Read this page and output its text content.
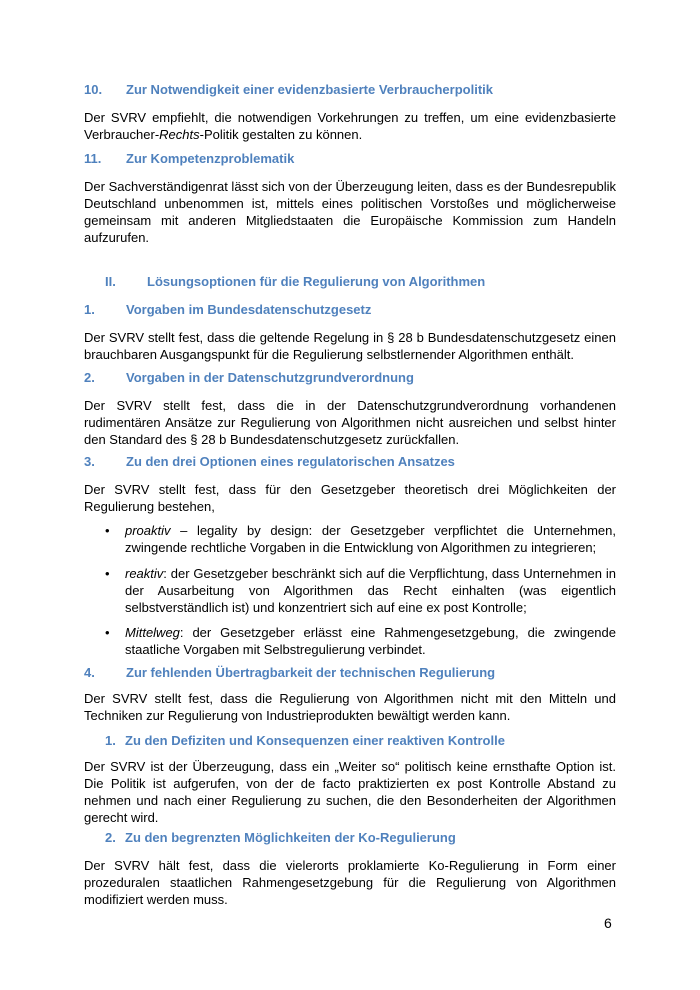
10. Zur Notwendigkeit einer evidenzbasierte Verbraucherpolitik
Der SVRV empfiehlt, die notwendigen Vorkehrungen zu treffen, um eine evidenzbasierte Verbraucher-Rechts-Politik gestalten zu können.
11. Zur Kompetenzproblematik
Der Sachverständigenrat lässt sich von der Überzeugung leiten, dass es der Bundesrepublik Deutschland unbenommen ist, mittels eines politischen Vorstoßes und möglicherweise gemeinsam mit anderen Mitgliedstaaten die Europäische Kommission zum Handeln aufzurufen.
II. Lösungsoptionen für die Regulierung von Algorithmen
1. Vorgaben im Bundesdatenschutzgesetz
Der SVRV stellt fest, dass die geltende Regelung in § 28 b Bundesdatenschutzgesetz einen brauchbaren Ausgangspunkt für die Regulierung selbstlernender Algorithmen enthält.
2. Vorgaben in der Datenschutzgrundverordnung
Der SVRV stellt fest, dass die in der Datenschutzgrundverordnung vorhandenen rudimentären Ansätze zur Regulierung von Algorithmen nicht ausreichen und selbst hinter den Standard des § 28 b Bundesdatenschutzgesetz zurückfallen.
3. Zu den drei Optionen eines regulatorischen Ansatzes
Der SVRV stellt fest, dass für den Gesetzgeber theoretisch drei Möglichkeiten der Regulierung bestehen,
• proaktiv – legality by design: der Gesetzgeber verpflichtet die Unternehmen, zwingende rechtliche Vorgaben in die Entwicklung von Algorithmen zu integrieren;
• reaktiv: der Gesetzgeber beschränkt sich auf die Verpflichtung, dass Unternehmen in der Ausarbeitung von Algorithmen das Recht einhalten (was eigentlich selbstverständlich ist) und konzentriert sich auf eine ex post Kontrolle;
• Mittelweg: der Gesetzgeber erlässt eine Rahmengesetzgebung, die zwingende staatliche Vorgaben mit Selbstregulierung verbindet.
4. Zur fehlenden Übertragbarkeit der technischen Regulierung
Der SVRV stellt fest, dass die Regulierung von Algorithmen nicht mit den Mitteln und Techniken zur Regulierung von Industrieprodukten bewältigt werden kann.
1. Zu den Defiziten und Konsequenzen einer reaktiven Kontrolle
Der SVRV ist der Überzeugung, dass ein „Weiter so“ politisch keine ernsthafte Option ist. Die Politik ist aufgerufen, von der de facto praktizierten ex post Kontrolle Abstand zu nehmen und nach einer Regulierung zu suchen, die den Besonderheiten der Algorithmen gerecht wird.
2. Zu den begrenzten Möglichkeiten der Ko-Regulierung
Der SVRV hält fest, dass die vielerorts proklamierte Ko-Regulierung in Form einer prozeduralen staatlichen Rahmengesetzgebung für die Regulierung von Algorithmen modifiziert werden muss.
6
